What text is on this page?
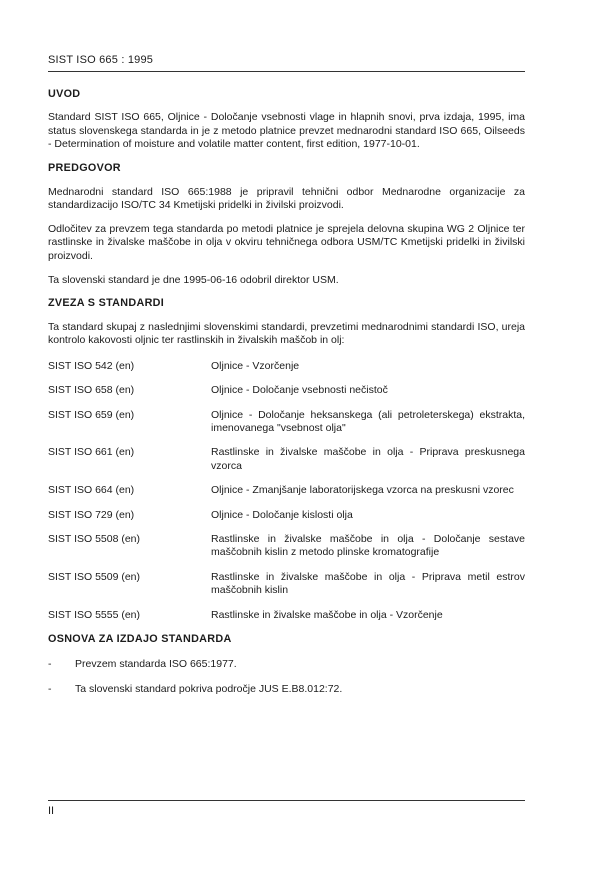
SIST ISO 665 : 1995
UVOD

Standard SIST ISO 665, Oljnice - Določanje vsebnosti vlage in hlapnih snovi, prva izdaja, 1995, ima status slovenskega standarda in je z metodo platnice prevzet mednarodni standard ISO 665, Oilseeds - Determination of moisture and volatile matter content, first edition, 1977-10-01.

PREDGOVOR

Mednarodni standard ISO 665:1988 je pripravil tehnični odbor Mednarodne organizacije za standardizacijo ISO/TC 34 Kmetijski pridelki in živilski proizvodi.

Odločitev za prevzem tega standarda po metodi platnice je sprejela delovna skupina WG 2 Oljnice ter rastlinske in živalske maščobe in olja v okviru tehničnega odbora USM/TC Kmetijski pridelki in živilski proizvodi.

Ta slovenski standard je dne 1995-06-16 odobril direktor USM.

ZVEZA S STANDARDI

Ta standard skupaj z naslednjimi slovenskimi standardi, prevzetimi mednarodnimi standardi ISO, ureja kontrolo kakovosti oljnic ter rastlinskih in živalskih maščob in olj:

SIST ISO 542 (en)	Oljnice - Vzorčenje
SIST ISO 658 (en)	Oljnice - Določanje vsebnosti nečistoč
SIST ISO 659 (en)	Oljnice - Določanje heksanskega (ali petroleterskega) ekstrakta, imenovanega "vsebnost olja"
SIST ISO 661 (en)	Rastlinske in živalske maščobe in olja - Priprava preskusnega vzorca
SIST ISO 664 (en)	Oljnice - Zmanjšanje laboratorijskega vzorca na preskusni vzorec
SIST ISO 729 (en)	Oljnice - Določanje kislosti olja
SIST ISO 5508 (en)	Rastlinske in živalske maščobe in olja - Določanje sestave maščobnih kislin z metodo plinske kromatografije
SIST ISO 5509 (en)	Rastlinske in živalske maščobe in olja - Priprava metil estrov maščobnih kislin
SIST ISO 5555 (en)	Rastlinske in živalske maščobe in olja - Vzorčenje
OSNOVA ZA IZDAJO STANDARDA
-	Prevzem standarda ISO 665:1977.
-	Ta slovenski standard pokriva področje JUS E.B8.012:72.
II
